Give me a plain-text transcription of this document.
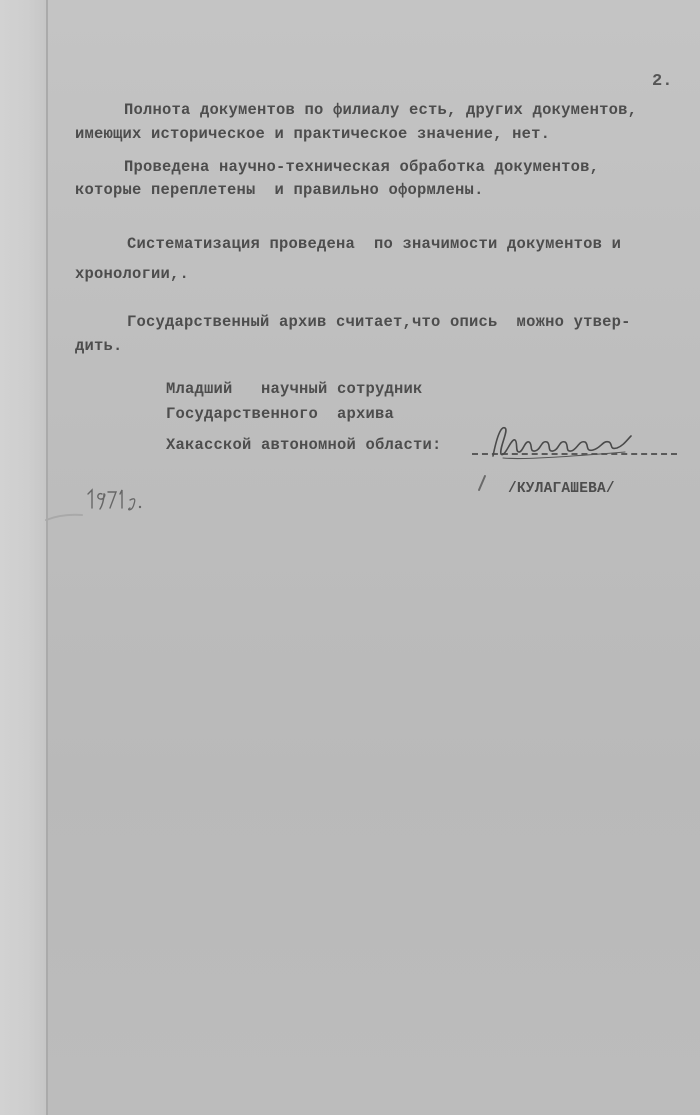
2.
Полнота документов по филиалу есть, других документов,
имеющих историческое и практическое значение, нет.
Проведена научно-техническая обработка документов,
которые переплетены  и правильно оформлены.
Систематизация проведена  по значимости документов и
хронологии,.
Государственный архив считает,что опись  можно утвер-
дить.
Младший   научный сотрудник
Государственного  архива
Хакасской автономной области:
/КУЛАГАШЕВА/
